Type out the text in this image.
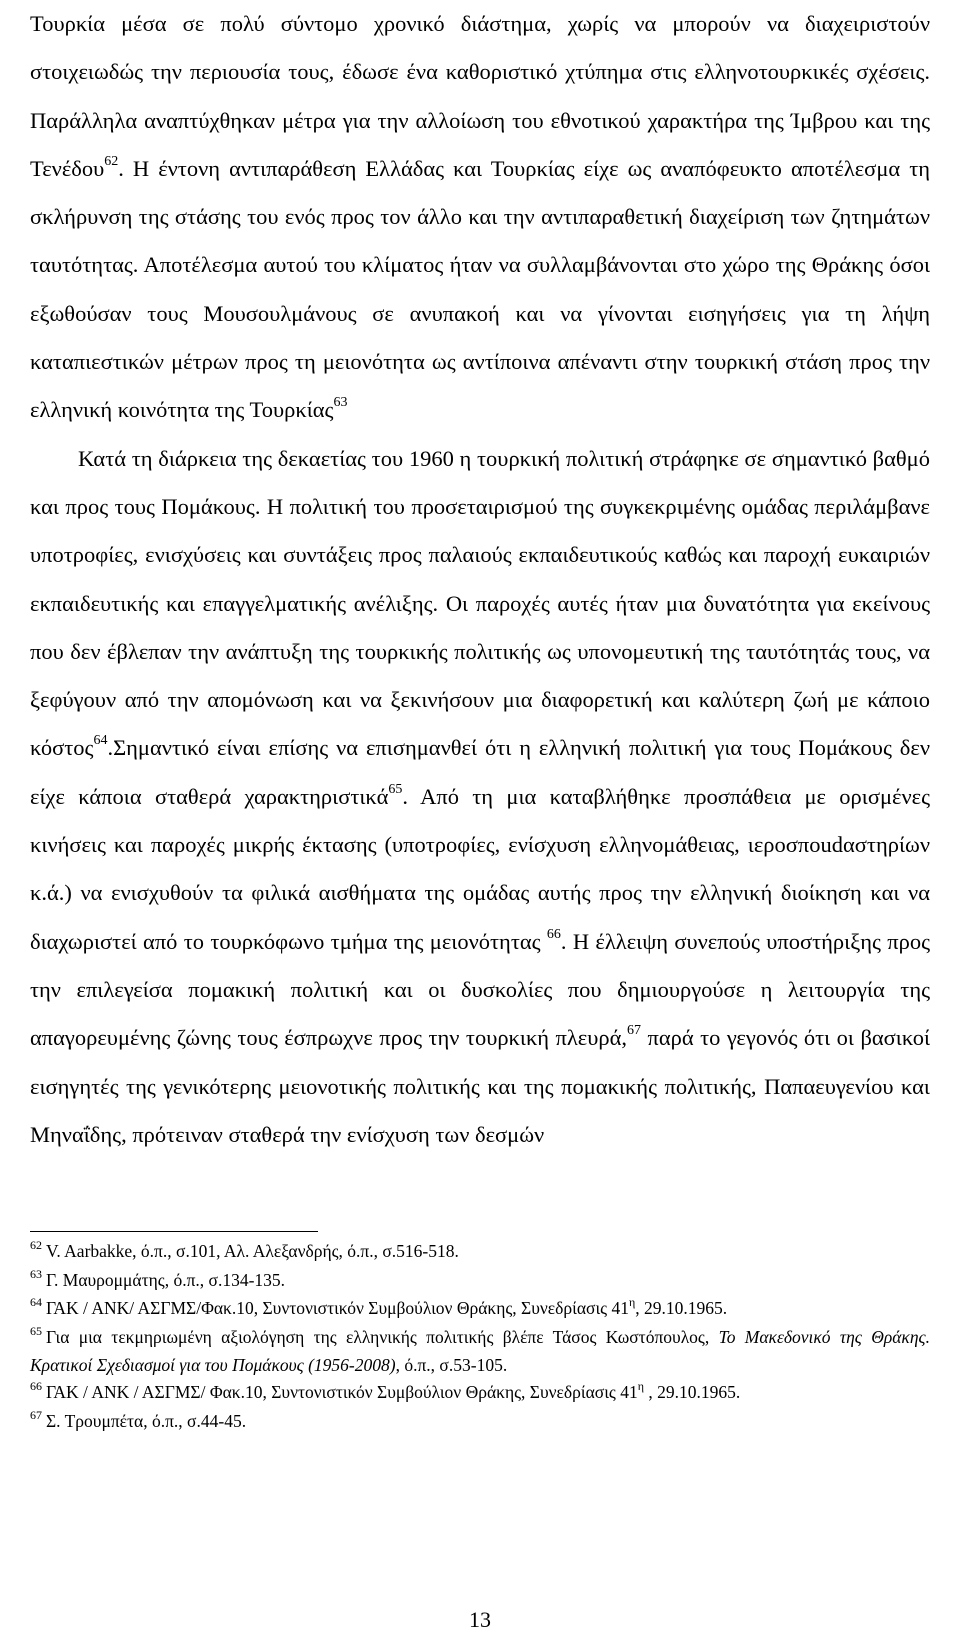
Τουρκία μέσα σε πολύ σύντομο χρονικό διάστημα, χωρίς να μπορούν να διαχειριστούν στοιχειωδώς την περιουσία τους, έδωσε ένα καθοριστικό χτύπημα στις ελληνοτουρκικές σχέσεις. Παράλληλα αναπτύχθηκαν μέτρα για την αλλοίωση του εθνοτικού χαρακτήρα της Ίμβρου και της Τενέδου$^{62}$. Η έντονη αντιπαράθεση Ελλάδας και Τουρκίας είχε ως αναπόφευκτο αποτέλεσμα τη σκλήρυνση της στάσης του ενός προς τον άλλο και την αντιπαραθετική διαχείριση των ζητημάτων ταυτότητας. Αποτέλεσμα αυτού του κλίματος ήταν να συλλαμβάνονται στο χώρο της Θράκης όσοι εξωθούσαν τους Μουσουλμάνους σε ανυπακοή και να γίνονται εισηγήσεις για τη λήψη καταπιεστικών μέτρων προς τη μειονότητα ως αντίποινα απέναντι στην τουρκική στάση προς την ελληνική κοινότητα της Τουρκίας$^{63}$

Κατά τη διάρκεια της δεκαετίας του 1960 η τουρκική πολιτική στράφηκε σε σημαντικό βαθμό και προς τους Πομάκους. Η πολιτική του προσεταιρισμού της συγκεκριμένης ομάδας περιλάμβανε υποτροφίες, ενισχύσεις και συντάξεις προς παλαιούς εκπαιδευτικούς καθώς και παροχή ευκαιριών εκπαιδευτικής και επαγγελματικής ανέλιξης. Οι παροχές αυτές ήταν μια δυνατότητα για εκείνους που δεν έβλεπαν την ανάπτυξη της τουρκικής πολιτικής ως υπονομευτική της ταυτότητάς τους, να ξεφύγουν από την απομόνωση και να ξεκινήσουν μια διαφορετική και καλύτερη ζωή με κάποιο κόστος$^{64}$.Σημαντικό είναι επίσης να επισημανθεί ότι η ελληνική πολιτική για τους Πομάκους δεν είχε κάποια σταθερά χαρακτηριστικά$^{65}$. Από τη μια καταβλήθηκε προσπάθεια με ορισμένες κινήσεις και παροχές μικρής έκτασης (υποτροφίες, ενίσχυση ελληνομάθειας, ιεροσποudαστηρίων κ.ά.) να ενισχυθούν τα φιλικά αισθήματα της ομάδας αυτής προς την ελληνική διοίκηση και να διαχωριστεί από το τουρκόφωνο τμήμα της μειονότητας $^{66}$. Η έλλειψη συνεπούς υποστήριξης προς την επιλεγείσα πομακική πολιτική και οι δυσκολίες που δημιουργούσε η λειτουργία της απαγορευμένης ζώνης τους έσπρωχνε προς την τουρκική πλευρά,$^{67}$ παρά το γεγονός ότι οι βασικοί εισηγητές της γενικότερης μειονοτικής πολιτικής και της πομακικής πολιτικής, Παπαευγενίου και Μηναΐδης, πρότειναν σταθερά την ενίσχυση των δεσμών

$^{62}$ V. Aarbakke, ό.π., σ.101, Αλ. Αλεξανδρής, ό.π., σ.516-518.

$^{63}$ Γ. Μαυρομμάτης, ό.π., σ.134-135.

$^{64}$ ΓΑΚ / ΑΝΚ/ ΑΣΓΜΣ/Φακ.10, Συντονιστικόν Συμβούλιον Θράκης, Συνεδρίασις $41^\eta$, 29.10.1965.

$^{65}$ Για μια τεκμηριωμένη αξιολόγηση της ελληνικής πολιτικής βλέπε Τάσος Κωστόπουλος, Το Μακεδονικό της Θράκης. Κρατικοί Σχεδιασμοί για του Πομάκους (1956-2008), ό.π., σ.53-105.

$^{66}$ ΓΑΚ / ΑΝΚ / ΑΣΓΜΣ/ Φακ.10, Συντονιστικόν Συμβούλιον Θράκης, Συνεδρίασις $41^\eta$ , 29.10.1965.

$^{67}$ Σ. Τρουμπέτα, ό.π., σ.44-45.

13
